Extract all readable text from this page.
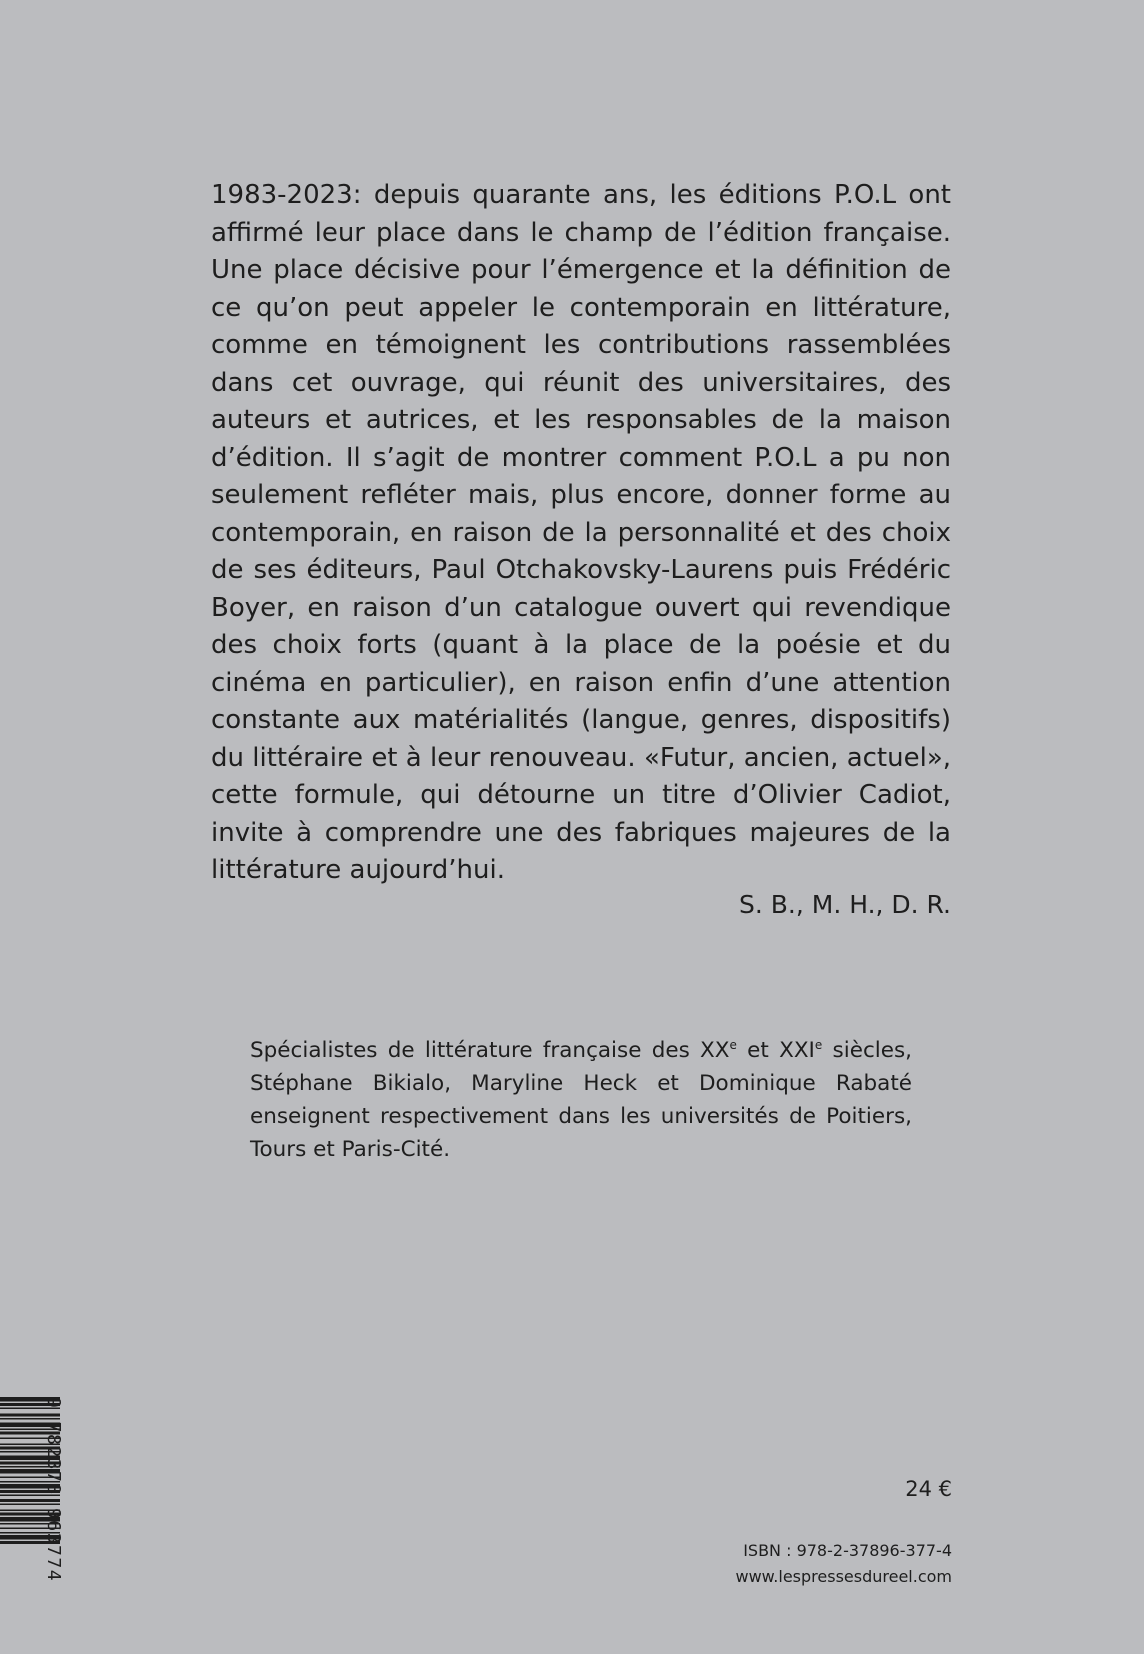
1983-2023: depuis quarante ans, les éditions P.O.L ont affirmé leur place dans le champ de l’édition française. Une place décisive pour l’émergence et la définition de ce qu’on peut appeler le contemporain en littérature, comme en témoignent les contributions rassemblées dans cet ouvrage, qui réunit des universitaires, des auteurs et autrices, et les responsables de la maison d’édition. Il s’agit de montrer comment P.O.L a pu non seulement refléter mais, plus encore, donner forme au contemporain, en raison de la personnalité et des choix de ses éditeurs, Paul Otchakovsky-Laurens puis Frédéric Boyer, en raison d’un catalogue ouvert qui revendique des choix forts (quant à la place de la poésie et du cinéma en particulier), en raison enfin d’une attention constante aux matérialités (langue, genres, dispositifs) du littéraire et à leur renouveau. «Futur, ancien, actuel», cette formule, qui détourne un titre d’Olivier Cadiot, invite à comprendre une des fabriques majeures de la littérature aujourd’hui.

S. B., M. H., D. R.

Spécialistes de littérature française des XXe et XXIe siècles, Stéphane Bikialo, Maryline Heck et Dominique Rabaté enseignent respectivement dans les universités de Poitiers, Tours et Paris-Cité.

24 €
ISBN : 978-2-37896-377-4
www.lespressesdureel.com
9 782378 963774
